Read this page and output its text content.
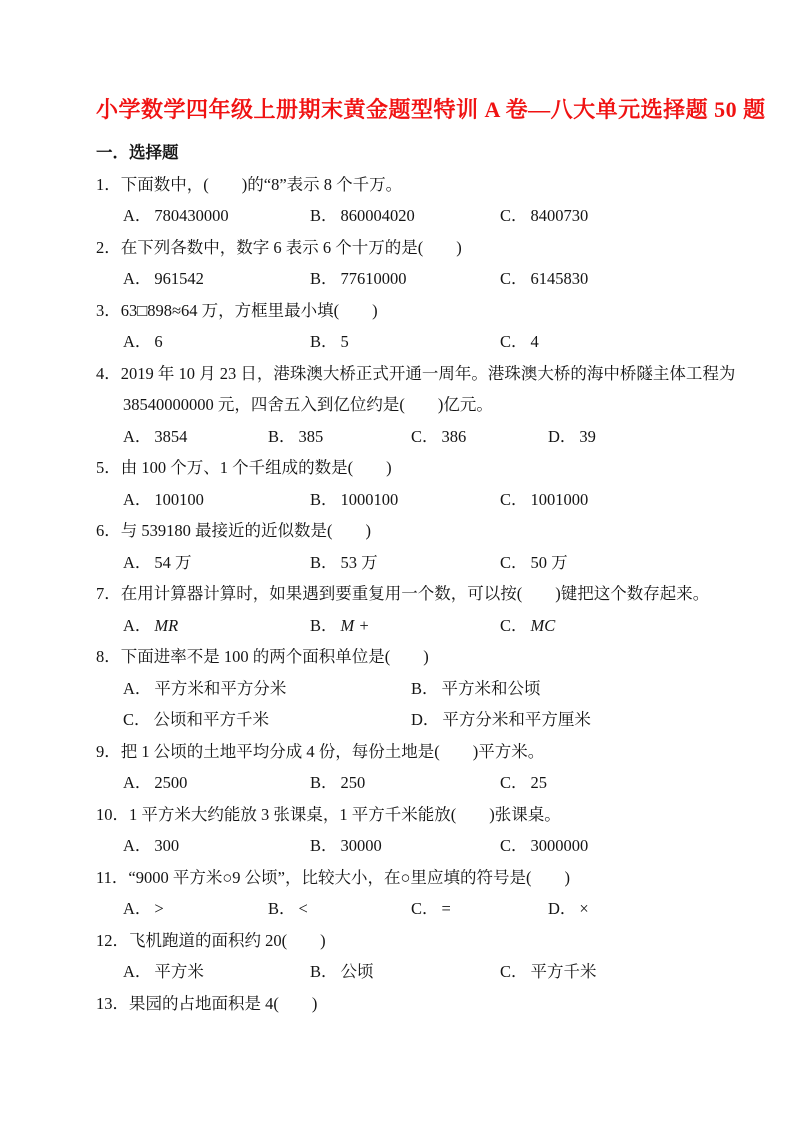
小学数学四年级上册期末黄金题型特训 A 卷—八大单元选择题 50 题
一．选择题
1． 下面数中，(　　)的“8”表示 8 个千万。
A． 780430000	B． 860004020	C． 8400730
2． 在下列各数中，数字 6 表示 6 个十万的是(　　)
A． 961542	B． 77610000	C． 6145830
3． 63□898≈64 万，方框里最小填(　　)
A． 6	B． 5	C． 4
4． 2019 年 10 月 23 日，港珠澳大桥正式开通一周年。港珠澳大桥的海中桥隧主体工程为
38540000000 元，四舍五入到亿位约是(　　)亿元。
A． 3854	B． 385	C． 386	D． 39
5． 由 100 个万、1 个千组成的数是(　　)
A． 100100	B． 1000100	C． 1001000
6． 与 539180 最接近的近似数是(　　)
A． 54 万	B． 53 万	C． 50 万
7． 在用计算器计算时，如果遇到要重复用一个数，可以按(　　)键把这个数存起来。
A． MR	B． M +	C． MC
8． 下面进率不是 100 的两个面积单位是(　　)
A． 平方米和平方分米	B． 平方米和公顷
C． 公顷和平方千米	D． 平方分米和平方厘米
9． 把 1 公顷的土地平均分成 4 份，每份土地是(　　)平方米。
A． 2500	B． 250	C． 25
10． 1 平方米大约能放 3 张课桌，1 平方千米能放(　　)张课桌。
A． 300	B． 30000	C． 3000000
11． “9000 平方米○9 公顷”，比较大小，在○里应填的符号是(　　)
A． >	B． <	C． =	D． ×
12． 飞机跑道的面积约 20(　　)
A． 平方米	B． 公顷	C． 平方千米
13． 果园的占地面积是 4(　　)
